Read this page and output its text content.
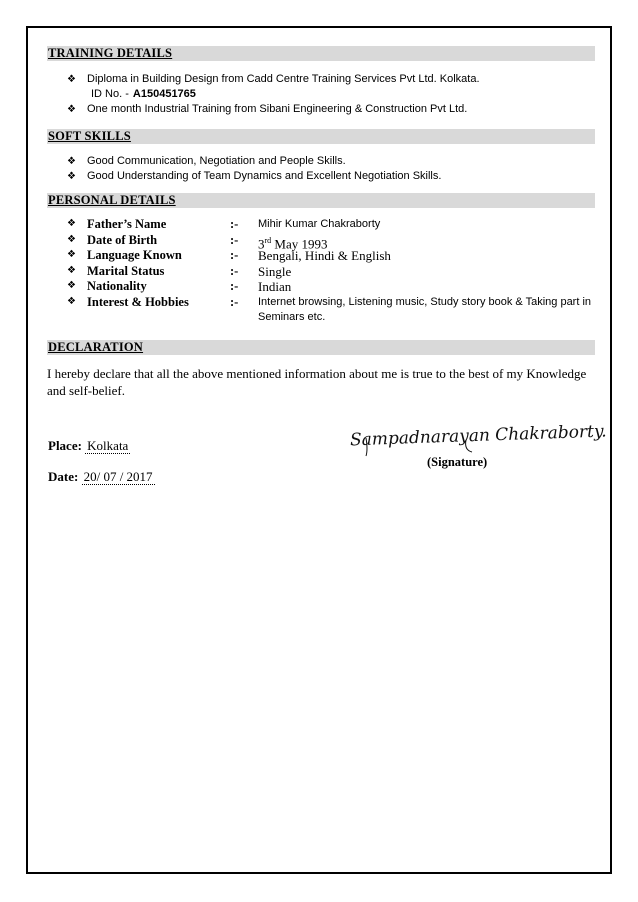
TRAINING DETAILS
❖ Diploma in Building Design from Cadd Centre Training Services Pvt Ltd. Kolkata.
ID No. - A150451765
❖ One month Industrial Training from Sibani Engineering & Construction Pvt Ltd.
SOFT SKILLS
❖ Good Communication, Negotiation and People Skills.
❖ Good Understanding of Team Dynamics and Excellent Negotiation Skills.
PERSONAL DETAILS
❖ Father’s Name	:- Mihir Kumar Chakraborty
❖ Date of Birth	:- 3rd May 1993
❖ Language Known	:- Bengali, Hindi & English
❖ Marital Status	:- Single
❖ Nationality	:- Indian
❖ Interest & Hobbies	:- Internet browsing, Listening music, Study story book & Taking part in
Seminars etc.
DECLARATION
I hereby declare that all the above mentioned information about me is true to the best of my Knowledge and self-belief.
Place: Kolkata
Date: 20/ 07 / 2017
Sampadnarayan Chakraborty.
(Signature)
